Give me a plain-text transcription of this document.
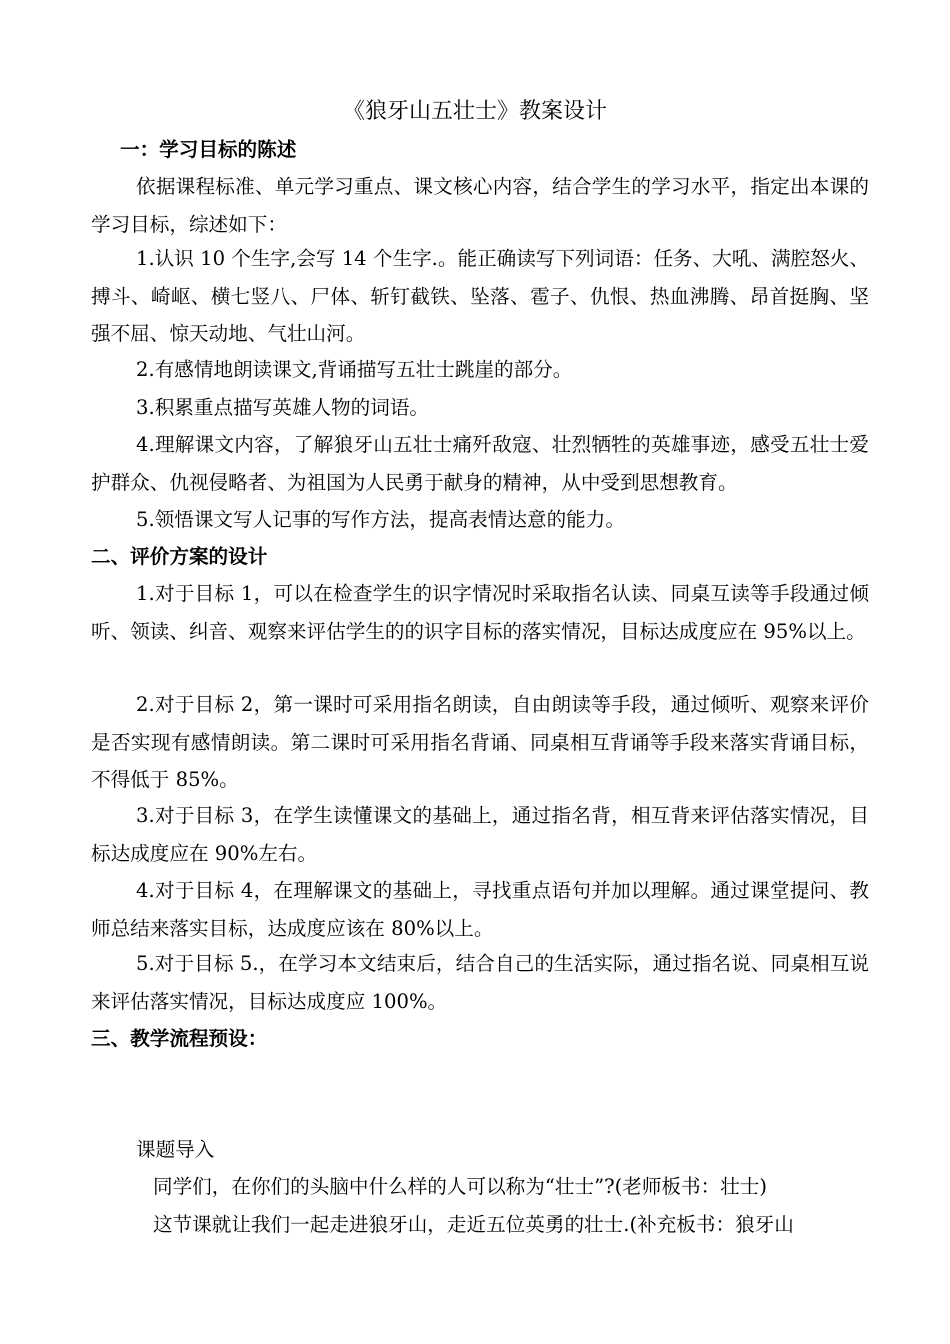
《狼牙山五壮士》教案设计
一：学习目标的陈述
依据课程标准、单元学习重点、课文核心内容，结合学生的学习水平，指定出本课的学习目标，综述如下：
1.认识 10 个生字,会写 14 个生字.。能正确读写下列词语：任务、大吼、满腔怒火、搏斗、崎岖、横七竖八、尸体、斩钉截铁、坠落、雹子、仇恨、热血沸腾、昂首挺胸、坚强不屈、惊天动地、气壮山河。
2.有感情地朗读课文,背诵描写五壮士跳崖的部分。
3.积累重点描写英雄人物的词语。
4.理解课文内容，了解狼牙山五壮士痛歼敌寇、壮烈牺牲的英雄事迹，感受五壮士爱护群众、仇视侵略者、为祖国为人民勇于献身的精神，从中受到思想教育。
5.领悟课文写人记事的写作方法，提高表情达意的能力。
二、评价方案的设计
1.对于目标 1，可以在检查学生的识字情况时采取指名认读、同桌互读等手段通过倾听、领读、纠音、观察来评估学生的的识字目标的落实情况，目标达成度应在 95%以上。
2.对于目标 2，第一课时可采用指名朗读，自由朗读等手段，通过倾听、观察来评价是否实现有感情朗读。第二课时可采用指名背诵、同桌相互背诵等手段来落实背诵目标，不得低于 85%。
3.对于目标 3，在学生读懂课文的基础上，通过指名背，相互背来评估落实情况，目标达成度应在 90%左右。
4.对于目标 4，在理解课文的基础上，寻找重点语句并加以理解。通过课堂提问、教师总结来落实目标，达成度应该在 80%以上。
5.对于目标 5.，在学习本文结束后，结合自己的生活实际，通过指名说、同桌相互说来评估落实情况，目标达成度应 100%。
三、教学流程预设：
课题导入
同学们，在你们的头脑中什么样的人可以称为“壮士”?(老师板书：壮士)
这节课就让我们一起走进狼牙山，走近五位英勇的壮士.(补充板书：狼牙山
